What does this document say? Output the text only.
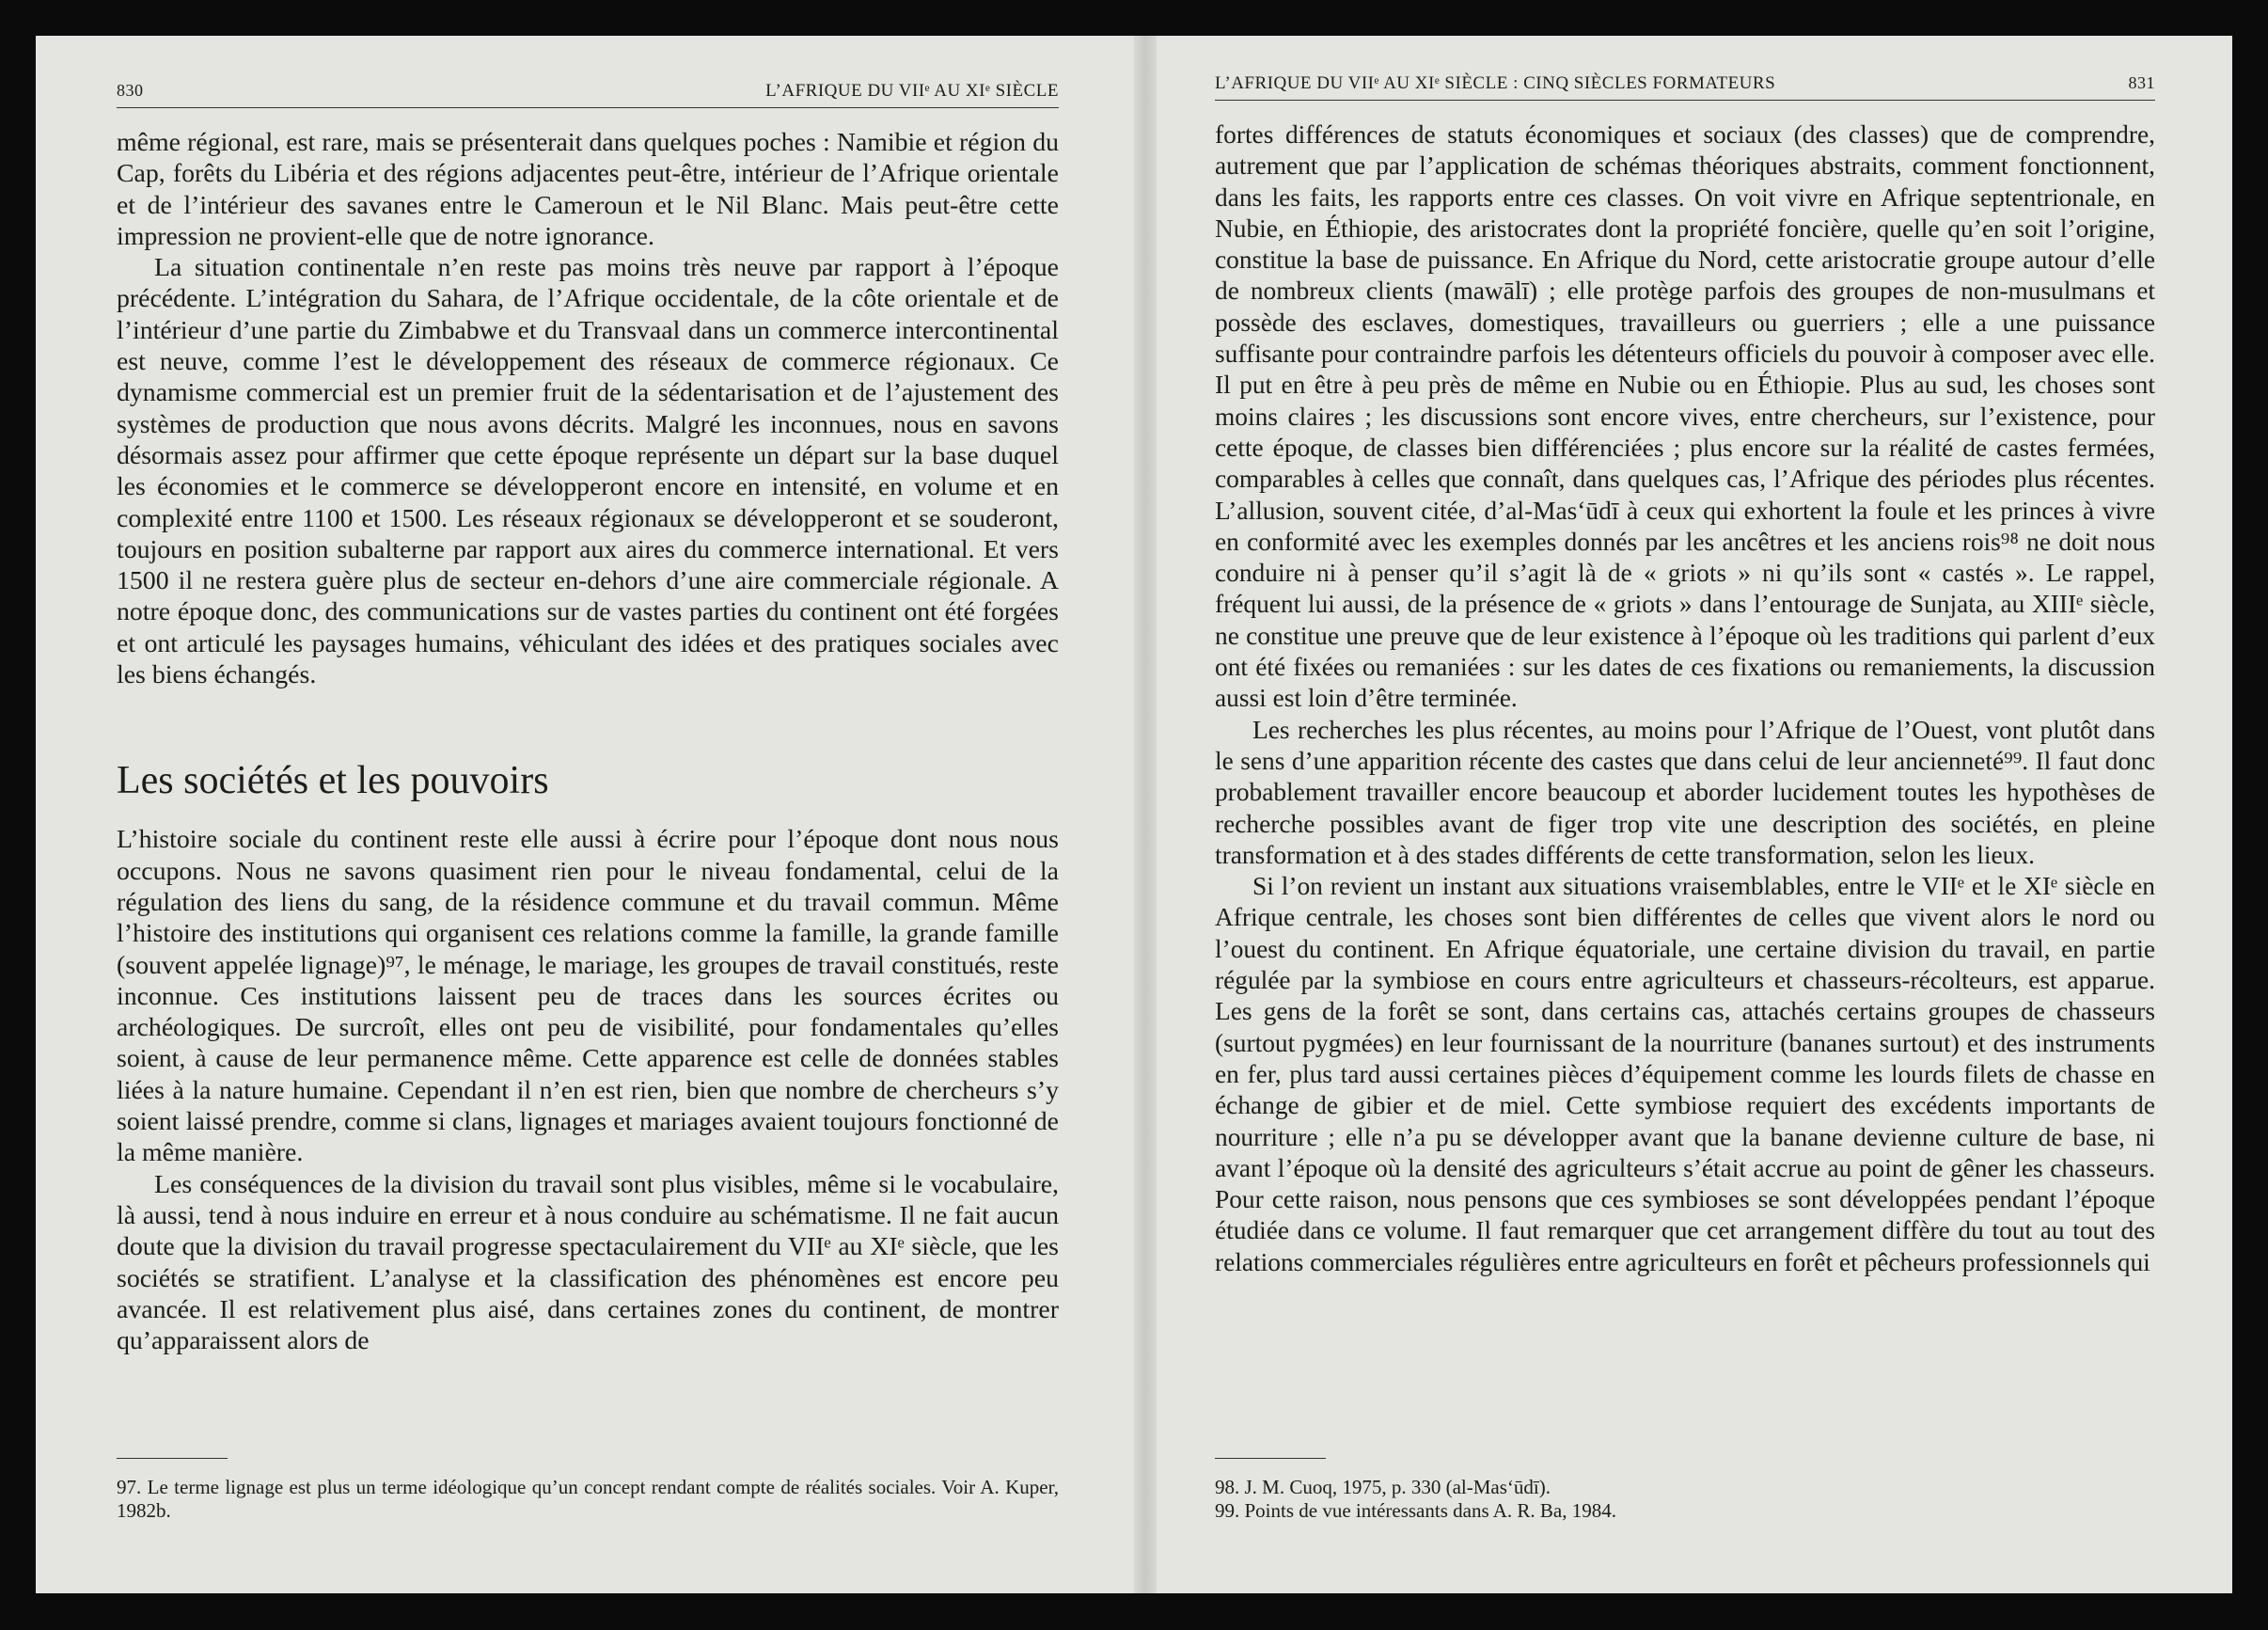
830	L’AFRIQUE DU VIIᵉ AU XIᵉ SIÈCLE

même régional, est rare, mais se présenterait dans quelques poches : Namibie et région du Cap, forêts du Libéria et des régions adjacentes peut-être, intérieur de l’Afrique orientale et de l’intérieur des savanes entre le Cameroun et le Nil Blanc. Mais peut-être cette impression ne provient-elle que de notre ignorance.

La situation continentale n’en reste pas moins très neuve par rapport à l’époque précédente. L’intégration du Sahara, de l’Afrique occidentale, de la côte orientale et de l’intérieur d’une partie du Zimbabwe et du Transvaal dans un commerce intercontinental est neuve, comme l’est le développement des réseaux de commerce régionaux. Ce dynamisme commercial est un premier fruit de la sédentarisation et de l’ajustement des systèmes de production que nous avons décrits. Malgré les inconnues, nous en savons désormais assez pour affirmer que cette époque représente un départ sur la base duquel les économies et le commerce se développeront encore en intensité, en volume et en complexité entre 1100 et 1500. Les réseaux régionaux se développeront et se souderont, toujours en position subalterne par rapport aux aires du commerce international. Et vers 1500 il ne restera guère plus de secteur en-dehors d’une aire commerciale régionale. A notre époque donc, des communications sur de vastes parties du continent ont été forgées et ont articulé les paysages humains, véhiculant des idées et des pratiques sociales avec les biens échangés.

Les sociétés et les pouvoirs

L’histoire sociale du continent reste elle aussi à écrire pour l’époque dont nous nous occupons. Nous ne savons quasiment rien pour le niveau fondamental, celui de la régulation des liens du sang, de la résidence commune et du travail commun. Même l’histoire des institutions qui organisent ces relations comme la famille, la grande famille (souvent appelée lignage)⁹⁷, le ménage, le mariage, les groupes de travail constitués, reste inconnue. Ces institutions laissent peu de traces dans les sources écrites ou archéologiques. De surcroît, elles ont peu de visibilité, pour fondamentales qu’elles soient, à cause de leur permanence même. Cette apparence est celle de données stables liées à la nature humaine. Cependant il n’en est rien, bien que nombre de chercheurs s’y soient laissé prendre, comme si clans, lignages et mariages avaient toujours fonctionné de la même manière.

Les conséquences de la division du travail sont plus visibles, même si le vocabulaire, là aussi, tend à nous induire en erreur et à nous conduire au schématisme. Il ne fait aucun doute que la division du travail progresse spectaculairement du VIIᵉ au XIᵉ siècle, que les sociétés se stratifient. L’analyse et la classification des phénomènes est encore peu avancée. Il est relativement plus aisé, dans certaines zones du continent, de montrer qu’apparaissent alors de

97. Le terme lignage est plus un terme idéologique qu’un concept rendant compte de réalités sociales. Voir A. Kuper, 1982b.

L’AFRIQUE DU VIIᵉ AU XIᵉ SIÈCLE : CINQ SIÈCLES FORMATEURS	831

fortes différences de statuts économiques et sociaux (des classes) que de comprendre, autrement que par l’application de schémas théoriques abstraits, comment fonctionnent, dans les faits, les rapports entre ces classes. On voit vivre en Afrique septentrionale, en Nubie, en Éthiopie, des aristocrates dont la propriété foncière, quelle qu’en soit l’origine, constitue la base de puissance. En Afrique du Nord, cette aristocratie groupe autour d’elle de nombreux clients (mawālī) ; elle protège parfois des groupes de non-musulmans et possède des esclaves, domestiques, travailleurs ou guerriers ; elle a une puissance suffisante pour contraindre parfois les détenteurs officiels du pouvoir à composer avec elle. Il put en être à peu près de même en Nubie ou en Éthiopie. Plus au sud, les choses sont moins claires ; les discussions sont encore vives, entre chercheurs, sur l’existence, pour cette époque, de classes bien différenciées ; plus encore sur la réalité de castes fermées, comparables à celles que connaît, dans quelques cas, l’Afrique des périodes plus récentes. L’allusion, souvent citée, d’al-Mas‘ūdī à ceux qui exhortent la foule et les princes à vivre en conformité avec les exemples donnés par les ancêtres et les anciens rois⁹⁸ ne doit nous conduire ni à penser qu’il s’agit là de « griots » ni qu’ils sont « castés ». Le rappel, fréquent lui aussi, de la présence de « griots » dans l’entourage de Sunjata, au XIIIᵉ siècle, ne constitue une preuve que de leur existence à l’époque où les traditions qui parlent d’eux ont été fixées ou remaniées : sur les dates de ces fixations ou remaniements, la discussion aussi est loin d’être terminée.

Les recherches les plus récentes, au moins pour l’Afrique de l’Ouest, vont plutôt dans le sens d’une apparition récente des castes que dans celui de leur ancienneté⁹⁹. Il faut donc probablement travailler encore beaucoup et aborder lucidement toutes les hypothèses de recherche possibles avant de figer trop vite une description des sociétés, en pleine transformation et à des stades différents de cette transformation, selon les lieux.

Si l’on revient un instant aux situations vraisemblables, entre le VIIᵉ et le XIᵉ siècle en Afrique centrale, les choses sont bien différentes de celles que vivent alors le nord ou l’ouest du continent. En Afrique équatoriale, une certaine division du travail, en partie régulée par la symbiose en cours entre agriculteurs et chasseurs-récolteurs, est apparue. Les gens de la forêt se sont, dans certains cas, attachés certains groupes de chasseurs (surtout pygmées) en leur fournissant de la nourriture (bananes surtout) et des instruments en fer, plus tard aussi certaines pièces d’équipement comme les lourds filets de chasse en échange de gibier et de miel. Cette symbiose requiert des excédents importants de nourriture ; elle n’a pu se développer avant que la banane devienne culture de base, ni avant l’époque où la densité des agriculteurs s’était accrue au point de gêner les chasseurs. Pour cette raison, nous pensons que ces symbioses se sont développées pendant l’époque étudiée dans ce volume. Il faut remarquer que cet arrangement diffère du tout au tout des relations commerciales régulières entre agriculteurs en forêt et pêcheurs professionnels qui

98. J. M. Cuoq, 1975, p. 330 (al-Mas‘ūdī).

99. Points de vue intéressants dans A. R. Ba, 1984.
